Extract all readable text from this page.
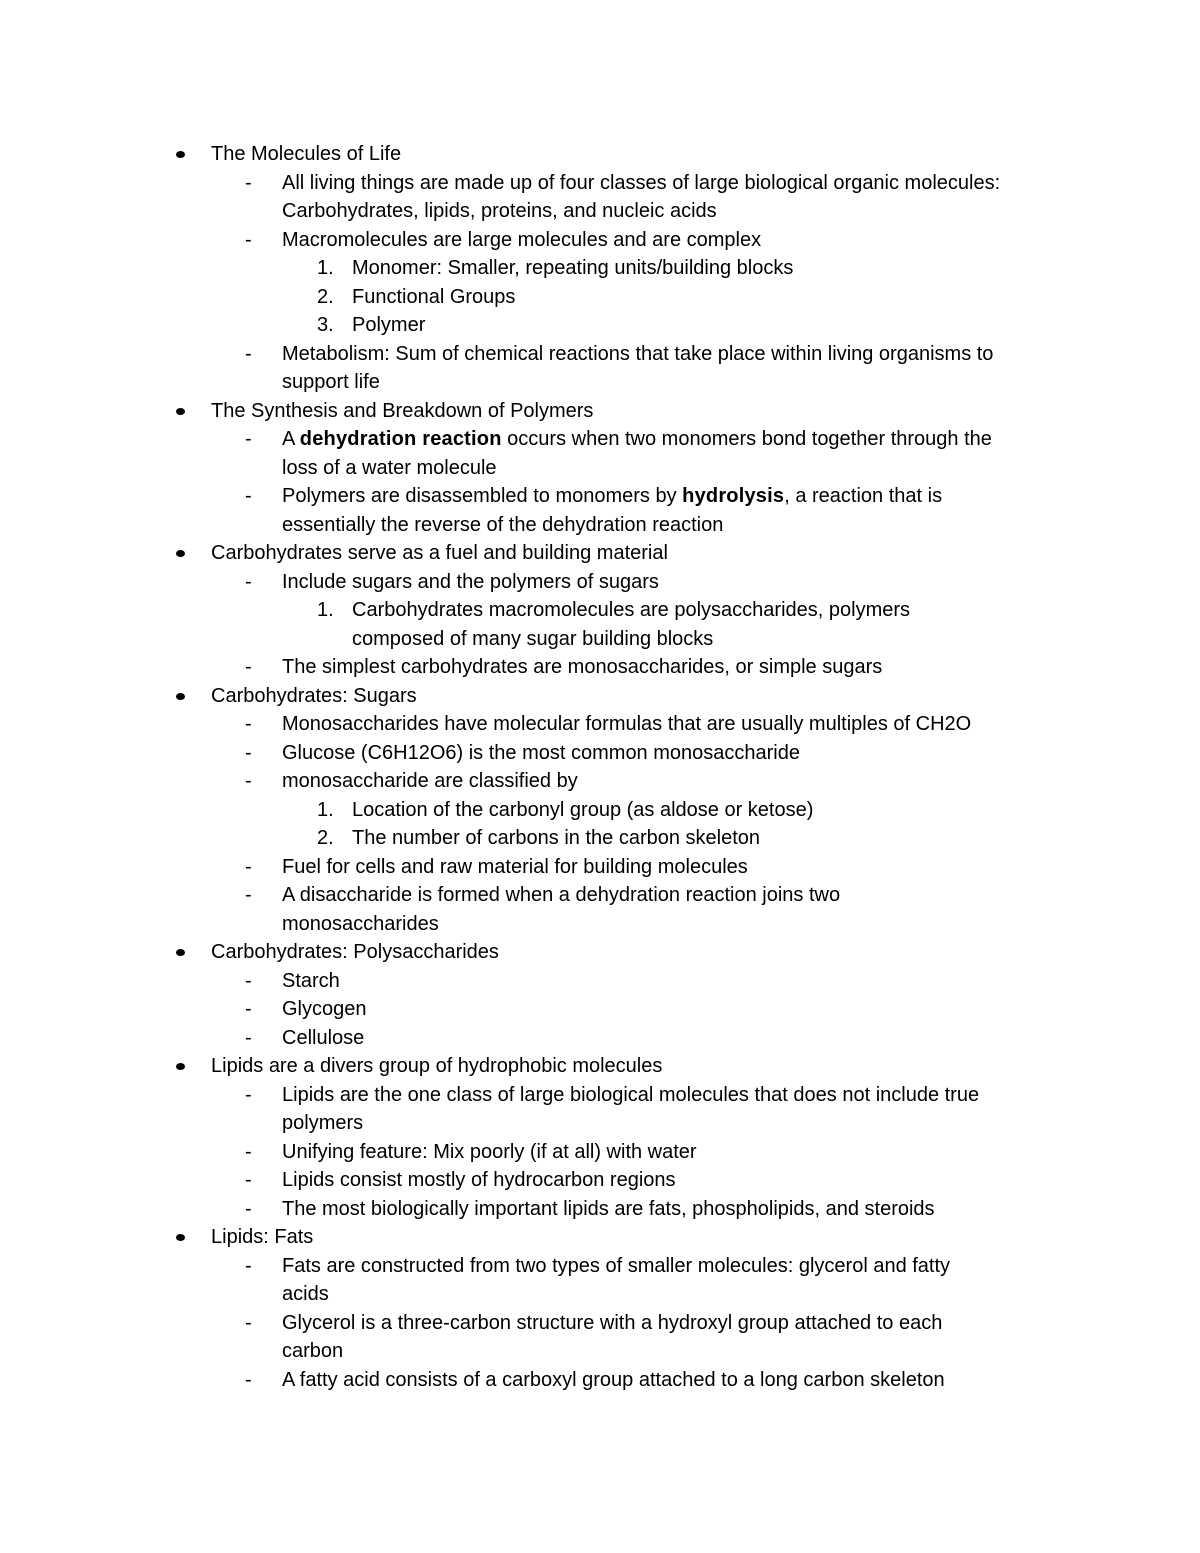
The Molecules of Life
- All living things are made up of four classes of large biological organic molecules:
Carbohydrates, lipids, proteins, and nucleic acids
- Macromolecules are large molecules and are complex
1. Monomer: Smaller, repeating units/building blocks
2. Functional Groups
3. Polymer
- Metabolism: Sum of chemical reactions that take place within living organisms to
support life
The Synthesis and Breakdown of Polymers
- A dehydration reaction occurs when two monomers bond together through the
loss of a water molecule
- Polymers are disassembled to monomers by hydrolysis, a reaction that is
essentially the reverse of the dehydration reaction
Carbohydrates serve as a fuel and building material
- Include sugars and the polymers of sugars
1. Carbohydrates macromolecules are polysaccharides, polymers
composed of many sugar building blocks
- The simplest carbohydrates are monosaccharides, or simple sugars
Carbohydrates: Sugars
- Monosaccharides have molecular formulas that are usually multiples of CH2O
- Glucose (C6H12O6) is the most common monosaccharide
- monosaccharide are classified by
1. Location of the carbonyl group (as aldose or ketose)
2. The number of carbons in the carbon skeleton
- Fuel for cells and raw material for building molecules
- A disaccharide is formed when a dehydration reaction joins two
monosaccharides
Carbohydrates: Polysaccharides
- Starch
- Glycogen
- Cellulose
Lipids are a divers group of hydrophobic molecules
- Lipids are the one class of large biological molecules that does not include true
polymers
- Unifying feature: Mix poorly (if at all) with water
- Lipids consist mostly of hydrocarbon regions
- The most biologically important lipids are fats, phospholipids, and steroids
Lipids: Fats
- Fats are constructed from two types of smaller molecules: glycerol and fatty
acids
- Glycerol is a three-carbon structure with a hydroxyl group attached to each
carbon
- A fatty acid consists of a carboxyl group attached to a long carbon skeleton
